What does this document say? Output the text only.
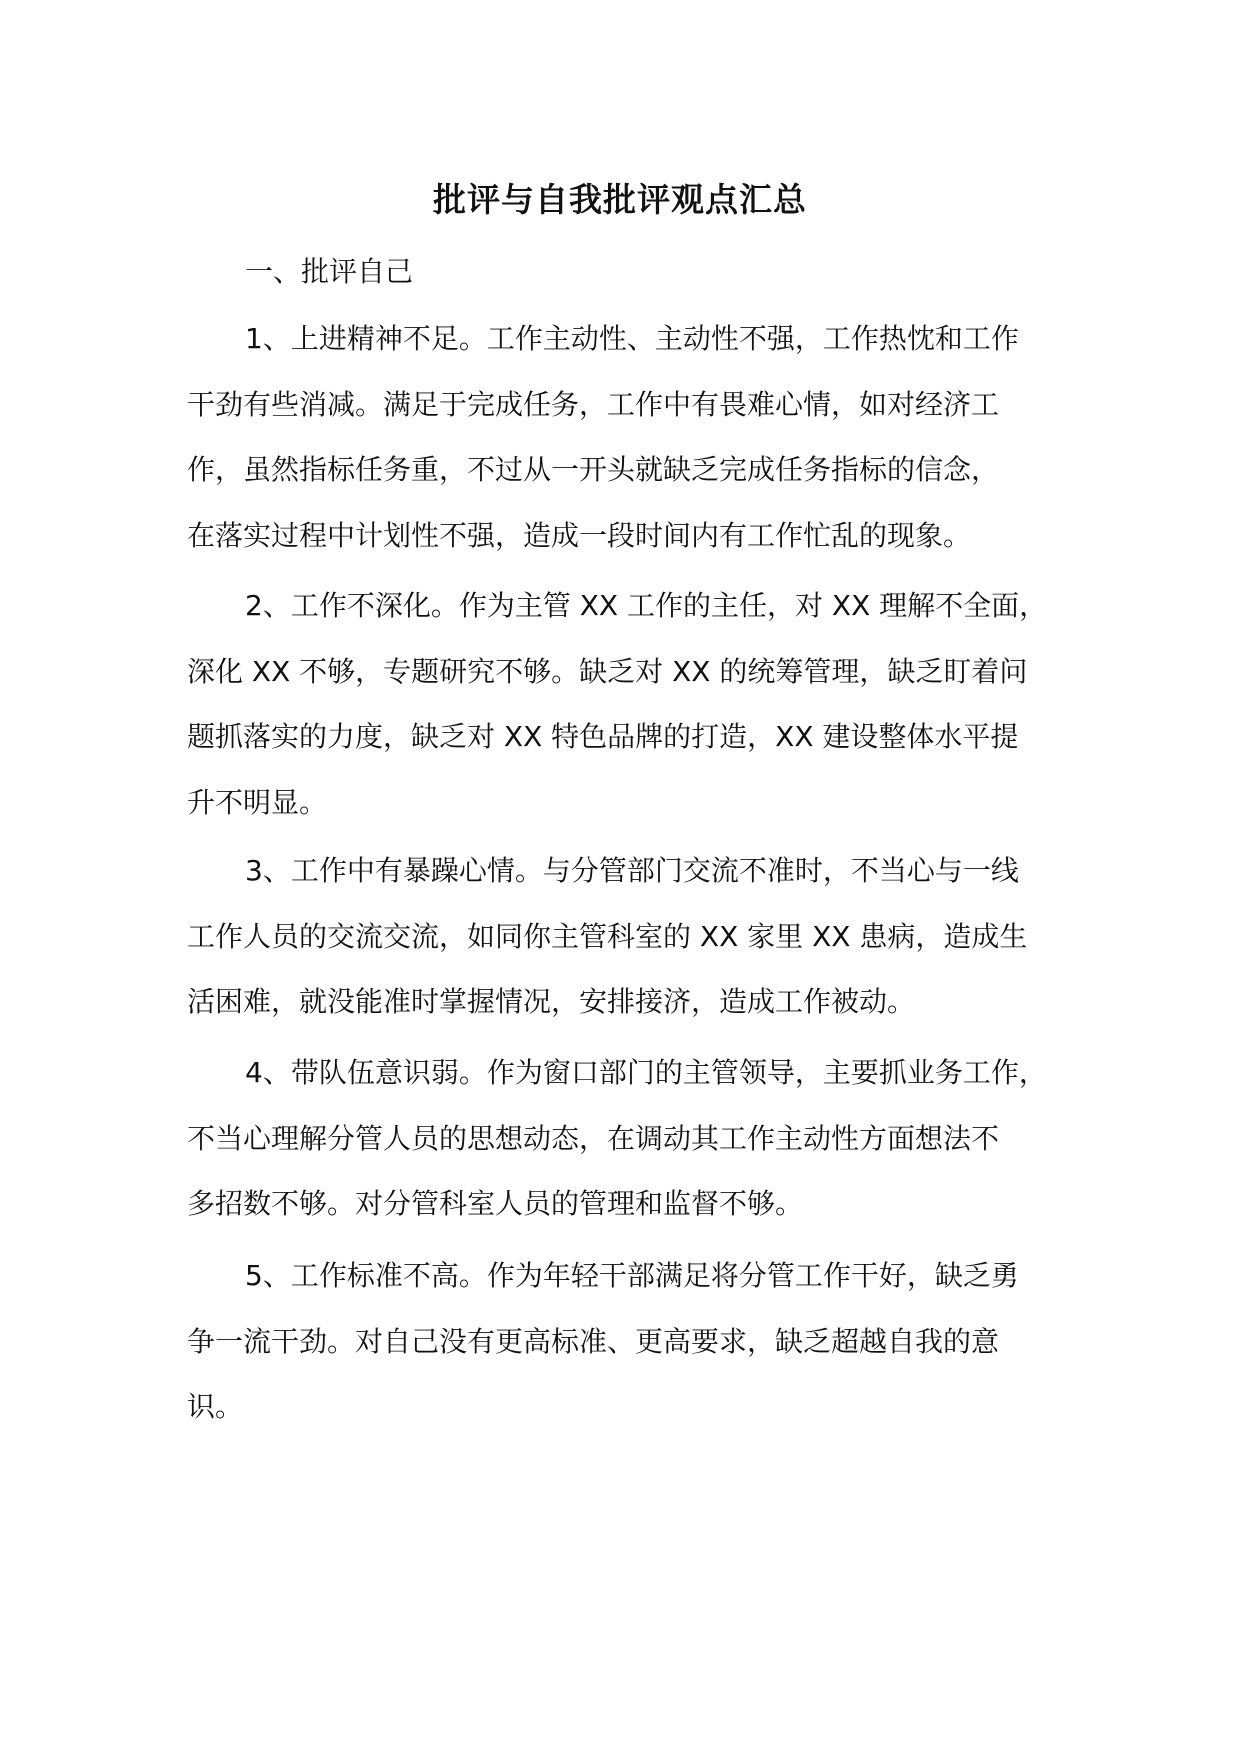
批评与自我批评观点汇总

一、批评自己

1、上进精神不足。工作主动性、主动性不强，工作热忱和工作
干劲有些消减。满足于完成任务，工作中有畏难心情，如对经济工
作，虽然指标任务重，不过从一开头就缺乏完成任务指标的信念，
在落实过程中计划性不强，造成一段时间内有工作忙乱的现象。
2、工作不深化。作为主管 XX 工作的主任，对 XX 理解不全面，
深化 XX 不够，专题研究不够。缺乏对 XX 的统筹管理，缺乏盯着问
题抓落实的力度，缺乏对 XX 特色品牌的打造，XX 建设整体水平提
升不明显。
3、工作中有暴躁心情。与分管部门交流不准时，不当心与一线
工作人员的交流交流，如同你主管科室的 XX 家里 XX 患病，造成生
活困难，就没能准时掌握情况，安排接济，造成工作被动。
4、带队伍意识弱。作为窗口部门的主管领导，主要抓业务工作，
不当心理解分管人员的思想动态，在调动其工作主动性方面想法不
多招数不够。对分管科室人员的管理和监督不够。
5、工作标准不高。作为年轻干部满足将分管工作干好，缺乏勇
争一流干劲。对自己没有更高标准、更高要求，缺乏超越自我的意
识。
